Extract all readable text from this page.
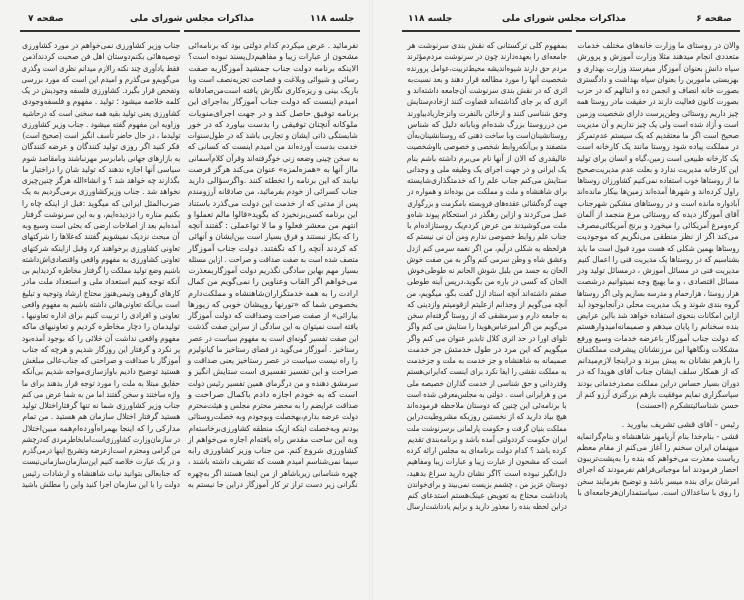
صفحه ۶
مذاکرات مجلس شورای ملی
جلسه ۱۱۸
والان در روستای ما وزارت خانه‌های مختلف خدمات
متعددی انجام میدهند مثلا وزارت آموزش و پرورش
سپاه دانش بعنوان آموزگار میفرستد وزارت بهداری و
بهزیستی مأمورین را بعنوان سپاه بهداشت و دادگستری
بصورت خانه انصاف و انجمن ده و انتالهم که در حزب
بصورت کانون فعالیت دارند در حقیقت مادر روستا همه
چیز داریم روستائی وطن‌پرست دارای شخصیت وزمین
است و آزاد شده است ولی یک چیز نداریم و آن مدیریت
صحیح است اگر ما معتقدیم که یک سیستم عدم‌تمرکز
در مملکت پیاده شود روستا مانند یک کارخانه است
یک کارخانه طبیعی است زمین،گیاه و انسان برای تولید
این کارخانه مدیریت ندارد و بعلت عدم مدیریت‌صحیح
ما از روستاها خوب استفاده نمی‌کنیم کشاورزان روستاها
راول کرده‌اند و شهرها آمده‌اند زمین‌ها بیکار مانده‌اند
آبادواره مانده است و در روستاهای مشکین شهرجناب
آقای آموزگار دیده که روستائی مرغ منجمد از آلمان
کره‌ومرغ آمریکائی را میخورد و برنج آمریکائی‌مصرف
می‌کند اگر از نظر منطقی می‌نگریم که موجودیت
روستاها بهمین شکلی که هست مورد قبول است ما باید
بشناسیم که در روستاها یک مدیریت فنی را اعمال کنیم
مدیریت فنی در مسائل آموزش ، درمسائل تولید ودر
مسائل اقتصادی ، و ما بهیچ وجه نمیتوانیم درشصت
هزار روستا ، هزارحمام و مدرسه بسازیم ولی اگر روستاها
گروه بندی شوند و یک مدیریت محلی درآنجابوجود آید
ازاین امکانات بنحوی استفاده خواهد شد بااین عرایض
بنده سخنانم را پایان میدهم و صمیمانه‌امیدوارهستم
که دولت جناب آموزگار باعرضه خدمات وسیع ورفع
مشکلات ونگاهها این مرزنشانان پیشرفت مملکتمان
را بازهم نشانان به پیش ببرند و دراینجا لازم‌میدانم
که از همکار سلف ایشان جناب آقای هویدا که در
دوران بسیار حساس دراین مملکت مصدرخدماتی بودند
سپاسگزاری نمایم موفقیت بازهم بزرگتری آرزو کنم از
حسن شناسائیتشکرم (احسنت)
رئیس - آقای قشی تشریف بیاورید .
قشی - بنام‌خدا بنام آریامهر شاهنشاه و بنام‌گرانمایه
میهنمان ایران سخنم را آغاز می‌کنم از مقام معظم
ریاست معذرت می‌خواهم که بنده را به‌پشت‌تریبون
احضار فرمودند اما موجباتی‌فراهم نفرمودند که اجرای
امرشان برای بنده میسر باشد و توضیح بفرمایند سخن
را روی با ساعدالان است. سیاستمداران‌هرجامعه‌ای با
بمفهوم کلی ترکستانی که نقش بندی سرنوشت هر
جامعه‌ای را بعهده‌دارند چون در سرنوشت مردم‌مؤثرند
مردم حق دارند شیوه‌اندیشه محیط‌تربیت‌،عوامل پرورنده
شخصیت آنها را مورد مطالعه قرار دهند و بعد نسبت‌به
اثری که در نقش بندی سرنوشت آن‌جامعه داشته‌اند و
اثری که بر جای گذاشته‌اند قضاوت کنند ازخادم‌ستایش
وحق شناسی کنند و ازخائن بالنفرت وانزجاریادبیاورند
من درروستا بزرگ شده‌ام وبابانه دلیل که شناس
روستانشینان‌است وبا ساخت ذهنی که روستانشینان‌به‌آن
متصفند و بی‌آنکه‌روابط شخصی و خصوصی بااوشخصیت
عالیقدری که الان از آنها نام می‌برم داشته باشم بنام
یک ایرانی و در جهت اجرای یک وظیفه ملی و وجدانی
ستایش می‌کنم جناب علم را که خدمتگذاری‌شایسته
برای شاهنشاه و ملت و مملکت من بوده‌اند و همواره در
جهت گره‌گشائی عقده‌های فروبسته بامکرمت و بزرگواری
عمل می‌کردند و ازاین رهگذر در استحکام پیوند شاه‌و
ملت می‌کوشیدند من عرض کردم‌یک روستازاده‌ام با
جناب علم روابط خصوصی ندارم ومن آن نی نیستم که
هرلحظه به شکلی درآیم، من اگر نغمه سرمی کنم ازدل
وعشق شاه و وطن سرمی کنم واگر به من صفت خوش
الحان به جسد من بلبل شوش الحانم نه طوطی‌خوش
الحان که کسی در باره من بگوید،درپس آینه طوطی
صفتم داشته‌اند آنچه استاد ازل گفت بگو، میگویم، من
آنچه می‌گویم از وجدانم ازعلیتم ازقومیتم وازدینی که
به جامعه دارم و سرمشقی که از روستا گرفته‌ام سخن
می‌گویم من اگر امیرعباس‌هویدا را ستایش می کنم واگر
تلوای اورا در حد اثری کلال تابدیر عنوان می کنم واگر
میگویم که این مرد در طول خدمتش جز خدمت
صمیمانه به شاهنشاه و جز خدمت به ملت و جزخدمت
به مملکت نقشی را ایفا نکرد برای اینست که‌ایرانی‌هستم
وقدردانی و حق شناسی از خدمت گذاران خصیصه ملی
من و هرایرانی است . دولتی به مجلس‌معرفی شده است
با برنامه‌ئی این چنین که دوستان ملاحظه فرموده‌اند
هیچ بیاد دارید که از نخستین روزیکه مشروطیت‌دراین
مملکت بنیان گرفت و حکومت پارلمانی برسرنوشت ملت
ایران حکومت کرددولتی آمده باشد و برنامه‌بندی تقدیم
کرده باشد ؟ کدام دولت برنامه‌ای به مجلس ارائه کرده
است که مشحون از عبارت زیبا و عبارات زیبا ومفاهیم
دل‌انگیز نبوده است ؟اگر نشان دارید سراغ بدهید،
دوستان عزیز من ، چشمم بزیست نمی‌بیند و برای‌خواندن
یادداشت محتاج به تعویض عینک‌هستم استدعای کنم
دراین لحظه بنده را معذور دارید و برایم یادداشت‌ارسال
صفحه ۷	مذاکرات مجلس شورای ملی	جلسه ۱۱۸
نفرمائید . عرض میکردم کدام دولتی بود که برنامه‌ائی
مشحون از عبارات زیبا و مفاهیم‌دل‌پسند نبوده است؟
الاینکه برنامه دولت جناب جمشید آموزگاربه صفت
رسائی و شیوائی وبلاغت و فصاحت تجزیه‌نصف است وبا
باریک بینی و ریزه‌کاری نگارش یافته است‌من‌صادقانه
امیدم اینست که دولت جناب آموزگار به‌اجرای این
برنامه توفیق حاصل کند و در جهت اجرای‌منویات
ملوکانه آنچنان توفیقی را بدست بیاورد که در خور
شایستگی ذاتی ایشان و تجاربی باشد که در طول‌سنوات
خدمت بدست آورده‌اند من امیدم اینست که کسانی که
به سخن چینی وضعه زنی خوگرفته‌اند وقرآن کلام‌آسمانی
مااز آنها به «همزه‌لمزه» عنوان می‌کند هرگز فرصت
نیابند که این برنامه را تخطئه کنند .واگرسؤالی دارید
جناب کسرائی از خودم بفرمائید، من صادقانه آرزومندم
پس از مدتی که از خدمت این دولت می‌گذرد باستناد
این برنامه کسی‌برنخیزد که بگوید«قالوا مالم تعملوا و
انتهم من معشر فعلوا و ما لا تواعملی : گفتند آنچه
را که بکار نبستند و فرق بسیار است بین‌ایشان و آنهائی
که کردند آنچه را که نگفتند. دولت جناب آموزگار
متصف شده است به صفت صداقت و صراحت . ازاین مسئله
بسیار مهم بهاین سادگی نگذریم دولت آموزگاربمعذرت
می‌خواهم اگر القاب وعناوین را نمی‌گویم من کمال
ارادت را به همه خدمتگزاران‌شاهنشاه و مملکت‌دارم
بخصوص شما که «تورنها روپیشان خوبی که زیورها
بیارائی» از صفت صراحت وصداقت که دولت آموزگار
یافته است نمیتوان به این سادگی از سراین صفت گذشت
این صفت تفسیر گونه‌ای است به مفهوم سیاست در عصر
رستاخیز . آموزگار می‌گوید در فضای رستاخیز ما کیانولیزم
را راه نیست سیاست در عصر رستاخیز یعنی صداقت و
صراحت و این تفسیر تفسیری است ستایش انگیز و
سرمشق دهنده و من درگرمای همین تفسیر رئیس دولت
است که به خودم اجازه دادم باکمال صراحت و
صداقت عرایضم را به محضر محترم مجلس و هیئت‌محترم
دولت عرضه بدارم،بهخصلت وبوجودم وبه خصلت‌روستائی
بودنم وبه‌خصلت اینکه ازیک منطقه کشاورزی‌برخاسته‌ام
وبه این ساحت مقدس راه یافته‌ام اجازه می‌خواهم از
کشاورزی شروع کنم. من جناب وزیر کشاورزی رابه
سیما نمی‌شناسم امیدم هست که تشریف داشته باشند ،
چهره شناسانی زیرباشاهر از من اینجا هستند اگر به‌چهره
نگرانی زیر دست تراز تر کار آموزگار دراین جا نیستم به
جناب وزیر کشاورزی نمی‌خواهم در مورد کشاورزی
توصیه‌هائی بکنم‌دوستان اهل فن صحبت کردنداذمن
فقط یادآوری چند نکته رالازم میدانم نظری است وگذری
می‌گویم‌و می‌گذرم و امیدم این است که مورد بررسی
وتفحص قرار بگیرد. کشاورزی فلسفه وجودیش در یک
کلمه خلاصه میشود ؛ تولید . مفهوم و فلسفه‌وجودی
کشاورزی یعنی تولید بقیه همه سخنی است که درحاشیه
وزاویه این مفهوم گفته میشود . جناب وزیر کشاورزی
تولیدما ، در حال حاضر تأسف انگیز است (صحیح است)
فکر کنید اگر روزی تولید کنندگان و عرضه کنندگان
به بازارهای جهانی بامابرسر مهرنباشند وبامقاصد شوم
سیاسی آنها اجازه ندهند که تولید شان را دراختیار ما
بگذارند چه خواهد شد ؟ و انشاءالله هرگز چنین‌چیزی
نخواهد شد . جناب وزیرکشاورزی برمی‌گردیم به یک
ضرب‌المثل ایرانی که میگوید :قبل از اینکه چاه را
بکنیم مناره را دزدیده‌ایم، و به این سرنوشت گرفتار
آمده‌ایم بعد از اصلاحات ارضی که بحثی است وسیع وبه
آن مبحث نزدیک نمیشویم گفتند که‌غلاها را شرکتهای
تعاونی کشاورزی برخواهند کرد وقبل ازاینکه شرکتهای
تعاونی کشاورزی به مفهوم واقعی واقتصادی‌اش‌داشته
باشیم وضع تولید مملکت را گرفتار مخاطره کردیدایم بی
آنکه توجه کنیم استعداد ملی و استعداد ملت مادر
کارهای گروهی وتیمی‌هنوز محتاج ارشاد وتوجیه و تبلیغ
است بی‌آنکه تعاونی‌هائی داشته باشیم به مفهوم واقعی
تعاونی و افرادی را تربیت کنیم برای اداره تعاونیها ،
تولیدمان را دچار مخاطره کردیم و تعاونیهای ماکه
مفهوم واقعی نداشت آن خلائی را که بوجود آمده‌بود
پر نکرد و گرفتار این روزگار شدیم و هرچه که جناب
آموزگار با صداقت و صراحتی که جناب‌عالی مبلغش
هستید توضیح دادیم باوازسازی‌مواجه شدیم بی‌آنکه
حقایق مبتلا به ملت را مورد توجه قرار بدهند برای ما
واژه ساختند و سخن گفتند اما من به شما عرض می کنم
جناب وزیر کشاورزی شما نه تنها گرفتاراختلال تولید
هستید گرفتار اختلال سازمان هم هستید . من تمام
مدارکی را که اینجا بهمراه‌آورده‌ام‌همه مبین‌اختلال
در سازمان‌وزارت کشاورزی‌است‌اما‌بخاطرمردی که‌درچشم
من گرامی ومحترم است‌ازعرضه وتشریح اینها درمی‌گذرم
و در یک عبارت خلاصه کنیم این‌سازمان‌سازمانی‌نیست
که جنابعالی بتوانید نیات شاهنشاه و ارشادات رئیس
دولت را با این سازمان اجرا کنید واین را مطلش باشید
